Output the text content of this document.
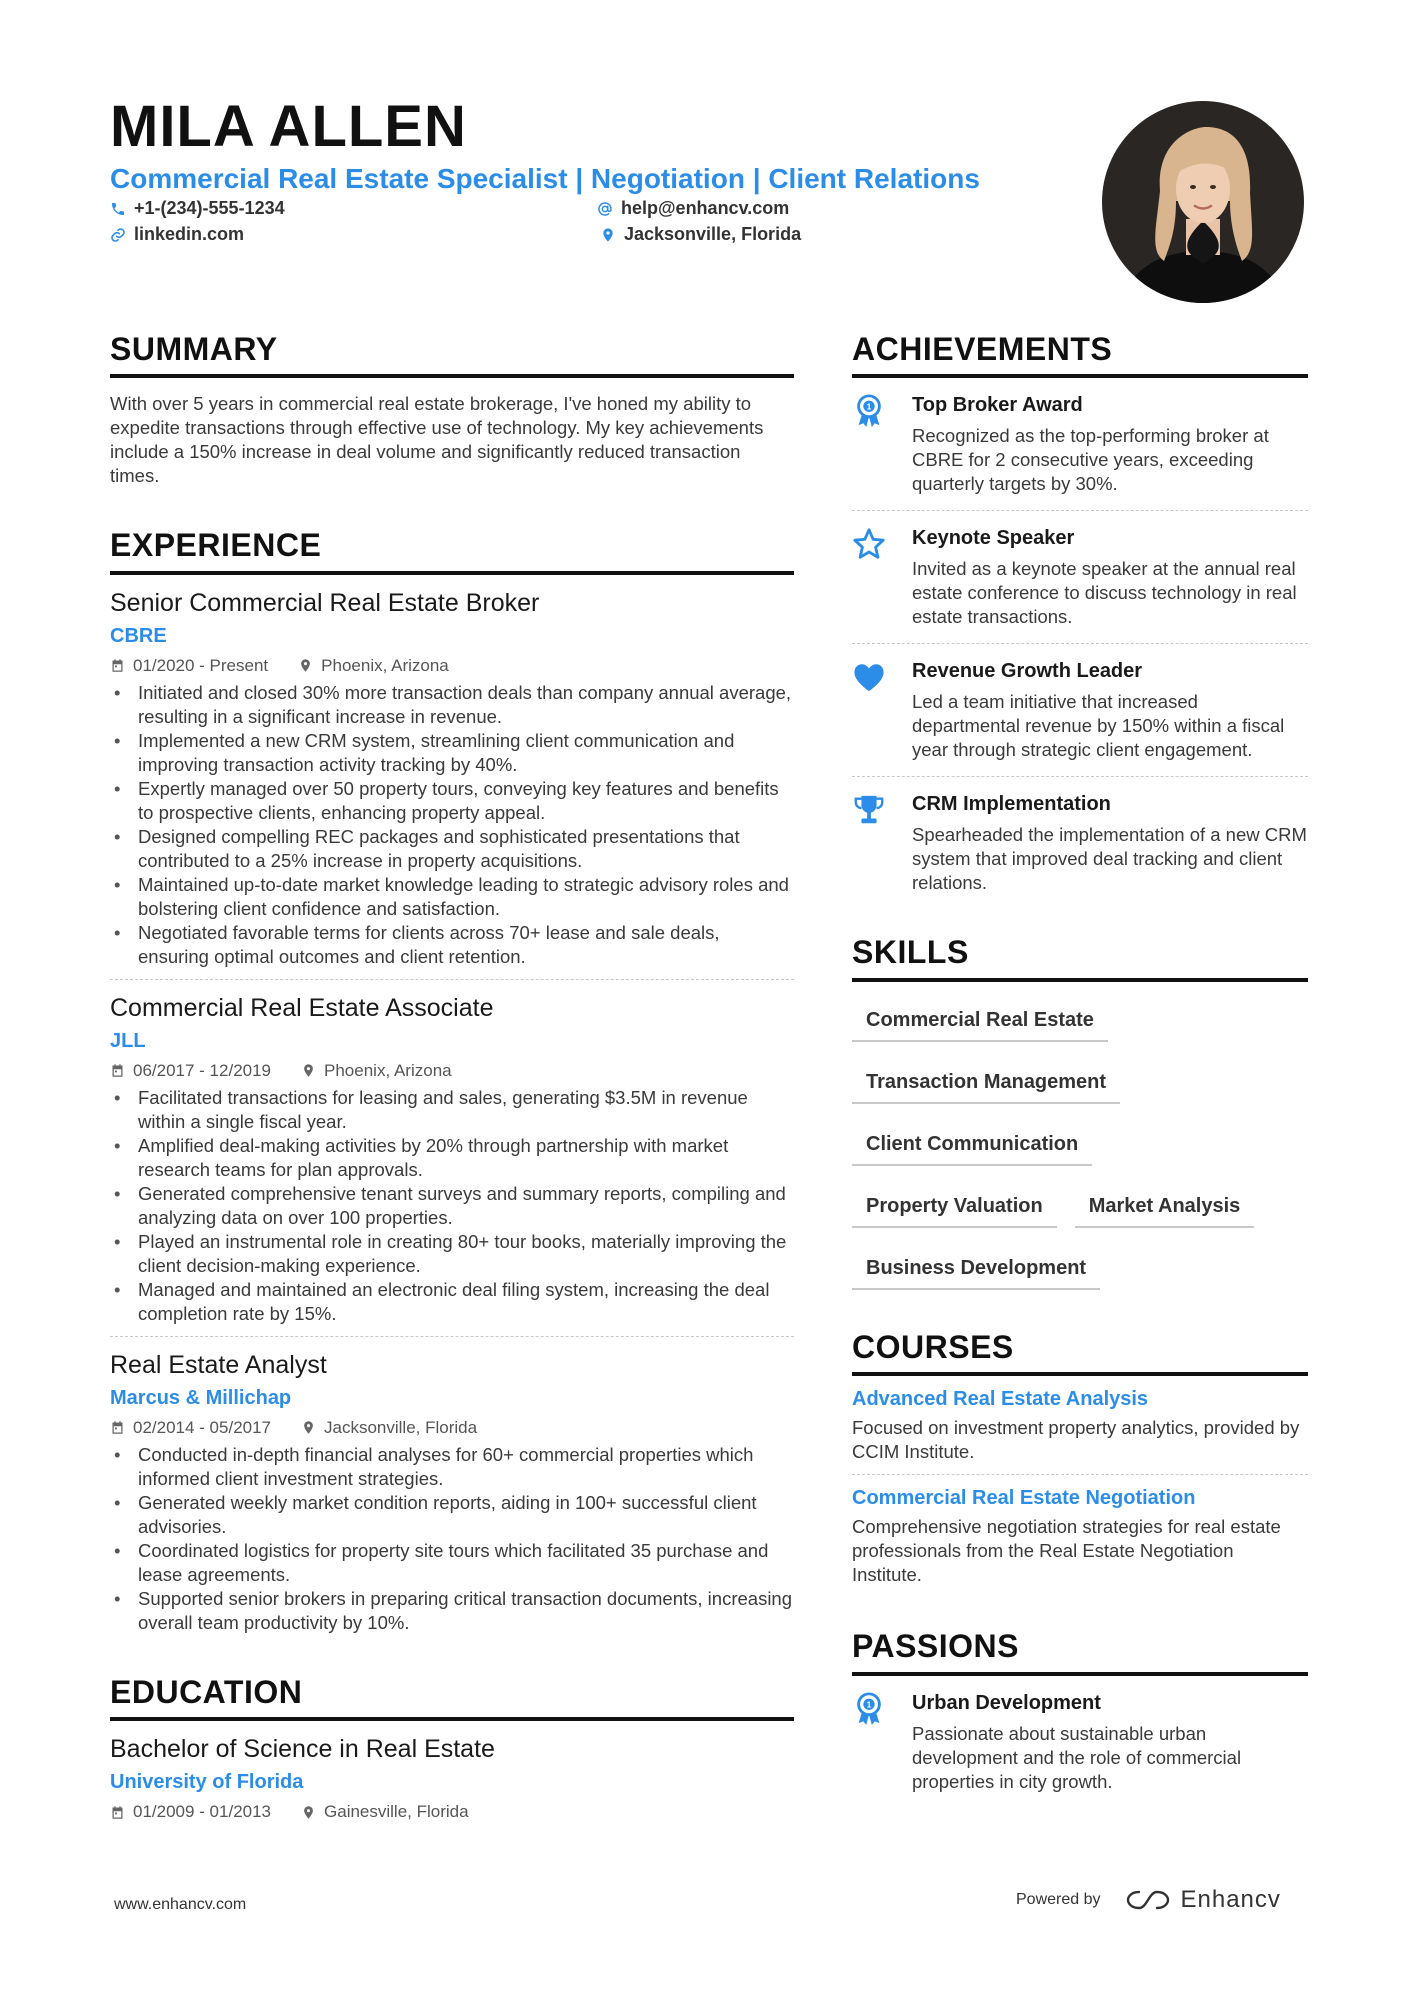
MILA ALLEN
Commercial Real Estate Specialist | Negotiation | Client Relations
+1-(234)-555-1234	help@enhancv.com
linkedin.com	Jacksonville, Florida
SUMMARY

With over 5 years in commercial real estate brokerage, I've honed my ability to expedite transactions through effective use of technology. My key achievements include a 150% increase in deal volume and significantly reduced transaction times.

EXPERIENCE

Senior Commercial Real Estate Broker

CBRE

01/2020 - Present	Phoenix, Arizona
• Initiated and closed 30% more transaction deals than company annual average, resulting in a significant increase in revenue.
• Implemented a new CRM system, streamlining client communication and improving transaction activity tracking by 40%.
• Expertly managed over 50 property tours, conveying key features and benefits to prospective clients, enhancing property appeal.
• Designed compelling REC packages and sophisticated presentations that contributed to a 25% increase in property acquisitions.
• Maintained up-to-date market knowledge leading to strategic advisory roles and bolstering client confidence and satisfaction.
• Negotiated favorable terms for clients across 70+ lease and sale deals, ensuring optimal outcomes and client retention.

Commercial Real Estate Associate

JLL

06/2017 - 12/2019	Phoenix, Arizona
• Facilitated transactions for leasing and sales, generating $3.5M in revenue within a single fiscal year.
• Amplified deal-making activities by 20% through partnership with market research teams for plan approvals.
• Generated comprehensive tenant surveys and summary reports, compiling and analyzing data on over 100 properties.
• Played an instrumental role in creating 80+ tour books, materially improving the client decision-making experience.
• Managed and maintained an electronic deal filing system, increasing the deal completion rate by 15%.

Real Estate Analyst

Marcus & Millichap

02/2014 - 05/2017	Jacksonville, Florida
• Conducted in-depth financial analyses for 60+ commercial properties which informed client investment strategies.
• Generated weekly market condition reports, aiding in 100+ successful client advisories.
• Coordinated logistics for property site tours which facilitated 35 purchase and lease agreements.
• Supported senior brokers in preparing critical transaction documents, increasing overall team productivity by 10%.
EDUCATION

Bachelor of Science in Real Estate

University of Florida

01/2009 - 01/2013	Gainesville, Florida
ACHIEVEMENTS
1 Top Broker Award

Recognized as the top-performing broker at CBRE for 2 consecutive years, exceeding quarterly targets by 30%.

Keynote Speaker

Invited as a keynote speaker at the annual real estate conference to discuss technology in real estate transactions.

Revenue Growth Leader

Led a team initiative that increased departmental revenue by 150% within a fiscal year through strategic client engagement.

CRM Implementation

Spearheaded the implementation of a new CRM system that improved deal tracking and client relations.

SKILLS
Commercial Real Estate
Transaction Management
Client Communication
Property Valuation	Market Analysis
Business Development
COURSES

Advanced Real Estate Analysis

Focused on investment property analytics, provided by CCIM Institute.

Commercial Real Estate Negotiation

Comprehensive negotiation strategies for real estate professionals from the Real Estate Negotiation Institute.

PASSIONS
1 Urban Development

Passionate about sustainable urban development and the role of commercial properties in city growth.

www.enhancv.com	Powered by	Enhancv
